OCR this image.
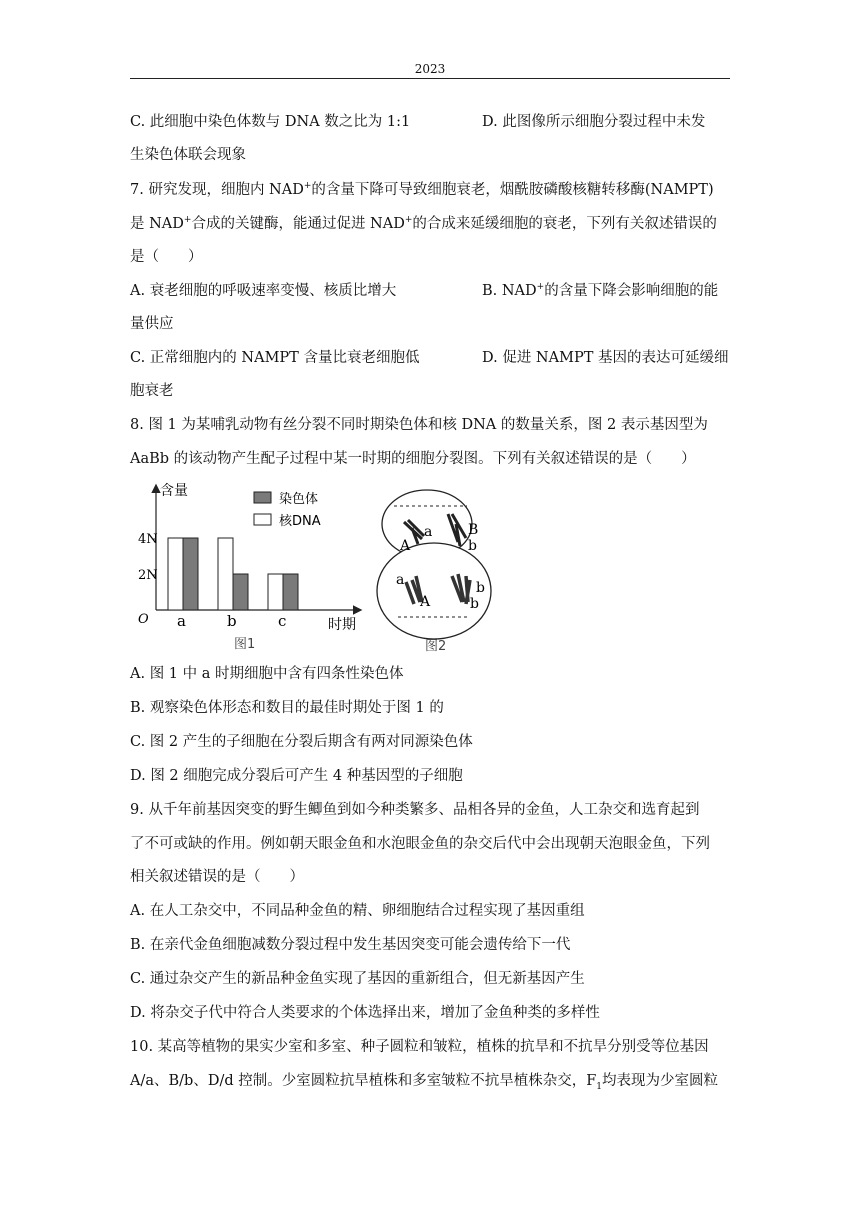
2023
C. 此细胞中染色体数与 DNA 数之比为 1:1	D. 此图像所示细胞分裂过程中未发
生染色体联会现象
7. 研究发现，细胞内 NAD+的含量下降可导致细胞衰老，烟酰胺磷酸核糖转移酶(NAMPT)
是 NAD+合成的关键酶，能通过促进 NAD+的合成来延缓细胞的衰老，下列有关叙述错误的
是（　　）
A. 衰老细胞的呼吸速率变慢、核质比增大	B. NAD+的含量下降会影响细胞的能
量供应
C. 正常细胞内的 NAMPT 含量比衰老细胞低	D. 促进 NAMPT 基因的表达可延缓细
胞衰老
8. 图 1 为某哺乳动物有丝分裂不同时期染色体和核 DNA 的数量关系，图 2 表示基因型为
AaBb 的该动物产生配子过程中某一时期的细胞分裂图。下列有关叙述错误的是（　　）
O
含量
时期
4N
2N
a	b	c
染色体
核DNA
图1
A
a	B
b
a
A
b
b
图2
A. 图 1 中 a 时期细胞中含有四条性染色体
B. 观察染色体形态和数目的最佳时期处于图 1 的
C. 图 2 产生的子细胞在分裂后期含有两对同源染色体
D. 图 2 细胞完成分裂后可产生 4 种基因型的子细胞
9. 从千年前基因突变的野生鲫鱼到如今种类繁多、品相各异的金鱼，人工杂交和选育起到
了不可或缺的作用。例如朝天眼金鱼和水泡眼金鱼的杂交后代中会出现朝天泡眼金鱼，下列
相关叙述错误的是（　　）
A. 在人工杂交中，不同品种金鱼的精、卵细胞结合过程实现了基因重组
B. 在亲代金鱼细胞减数分裂过程中发生基因突变可能会遗传给下一代
C. 通过杂交产生的新品种金鱼实现了基因的重新组合，但无新基因产生
D. 将杂交子代中符合人类要求的个体选择出来，增加了金鱼种类的多样性
10. 某高等植物的果实少室和多室、种子圆粒和皱粒，植株的抗旱和不抗旱分别受等位基因
A/a、B/b、D/d 控制。少室圆粒抗旱植株和多室皱粒不抗旱植株杂交，$F_1$均表现为少室圆粒
